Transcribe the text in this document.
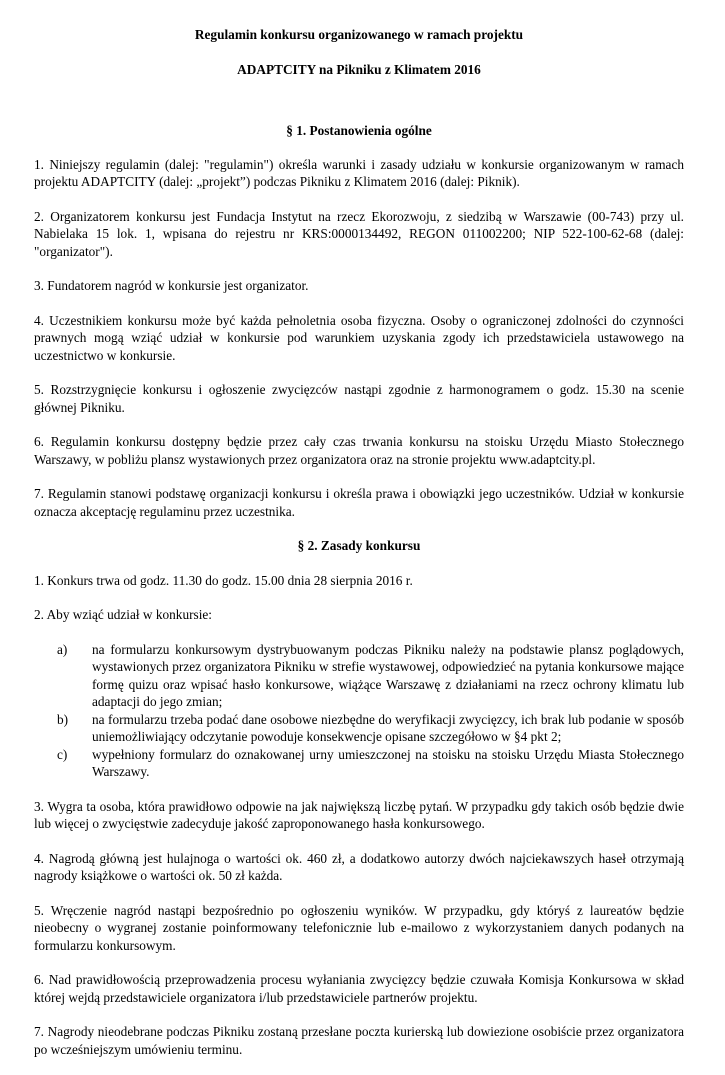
Regulamin konkursu organizowanego w ramach projektu

ADAPTCITY na Pikniku z Klimatem 2016

§ 1. Postanowienia ogólne

1. Niniejszy regulamin (dalej: "regulamin") określa warunki i zasady udziału w konkursie organizowanym w ramach projektu ADAPTCITY (dalej: „projekt”) podczas Pikniku z Klimatem 2016 (dalej: Piknik).

2. Organizatorem konkursu jest Fundacja Instytut na rzecz Ekorozwoju, z siedzibą w Warszawie (00-743) przy ul. Nabielaka 15 lok. 1, wpisana do rejestru nr KRS:0000134492, REGON 011002200; NIP 522-100-62-68 (dalej: "organizator").

3. Fundatorem nagród w konkursie jest organizator.

4. Uczestnikiem konkursu może być każda pełnoletnia osoba fizyczna. Osoby o ograniczonej zdolności do czynności prawnych mogą wziąć udział w konkursie pod warunkiem uzyskania zgody ich przedstawiciela ustawowego na uczestnictwo w konkursie.

5. Rozstrzygnięcie konkursu i ogłoszenie zwycięzców nastąpi zgodnie z harmonogramem o godz. 15.30 na scenie głównej Pikniku.

6. Regulamin konkursu dostępny będzie przez cały czas trwania konkursu na stoisku Urzędu Miasto Stołecznego Warszawy, w pobliżu plansz wystawionych przez organizatora oraz na stronie projektu www.adaptcity.pl.

7. Regulamin stanowi podstawę organizacji konkursu i określa prawa i obowiązki jego uczestników. Udział w konkursie oznacza akceptację regulaminu przez uczestnika.

§ 2. Zasady konkursu

1. Konkurs trwa od godz. 11.30 do godz. 15.00 dnia 28 sierpnia 2016 r.

2. Aby wziąć udział w konkursie:

a)	na formularzu konkursowym dystrybuowanym podczas Pikniku należy na podstawie plansz poglądowych, wystawionych przez organizatora Pikniku w strefie wystawowej, odpowiedzieć na pytania konkursowe mające formę quizu oraz wpisać hasło konkursowe, wiążące Warszawę z działaniami na rzecz ochrony klimatu lub adaptacji do jego zmian;
b)	na formularzu trzeba podać dane osobowe niezbędne do weryfikacji zwycięzcy, ich brak lub podanie w sposób uniemożliwiający odczytanie powoduje konsekwencje opisane szczegółowo w §4 pkt 2;
c)	wypełniony formularz do oznakowanej urny umieszczonej na stoisku na stoisku Urzędu Miasta Stołecznego Warszawy.

3. Wygra ta osoba, która prawidłowo odpowie na jak największą liczbę pytań. W przypadku gdy takich osób będzie dwie lub więcej o zwycięstwie zadecyduje jakość zaproponowanego hasła konkursowego.

4. Nagrodą główną jest hulajnoga o wartości ok. 460 zł, a dodatkowo autorzy dwóch najciekawszych haseł otrzymają nagrody książkowe o wartości ok. 50 zł każda.

5. Wręczenie nagród nastąpi bezpośrednio po ogłoszeniu wyników. W przypadku, gdy któryś z laureatów będzie nieobecny o wygranej zostanie poinformowany telefonicznie lub e-mailowo z wykorzystaniem danych podanych na formularzu konkursowym.

6. Nad prawidłowością przeprowadzenia procesu wyłaniania zwycięzcy będzie czuwała Komisja Konkursowa w skład której wejdą przedstawiciele organizatora i/lub przedstawiciele partnerów projektu.

7. Nagrody nieodebrane podczas Pikniku zostaną przesłane poczta kurierską lub dowiezione osobiście przez organizatora po wcześniejszym umówieniu terminu.
